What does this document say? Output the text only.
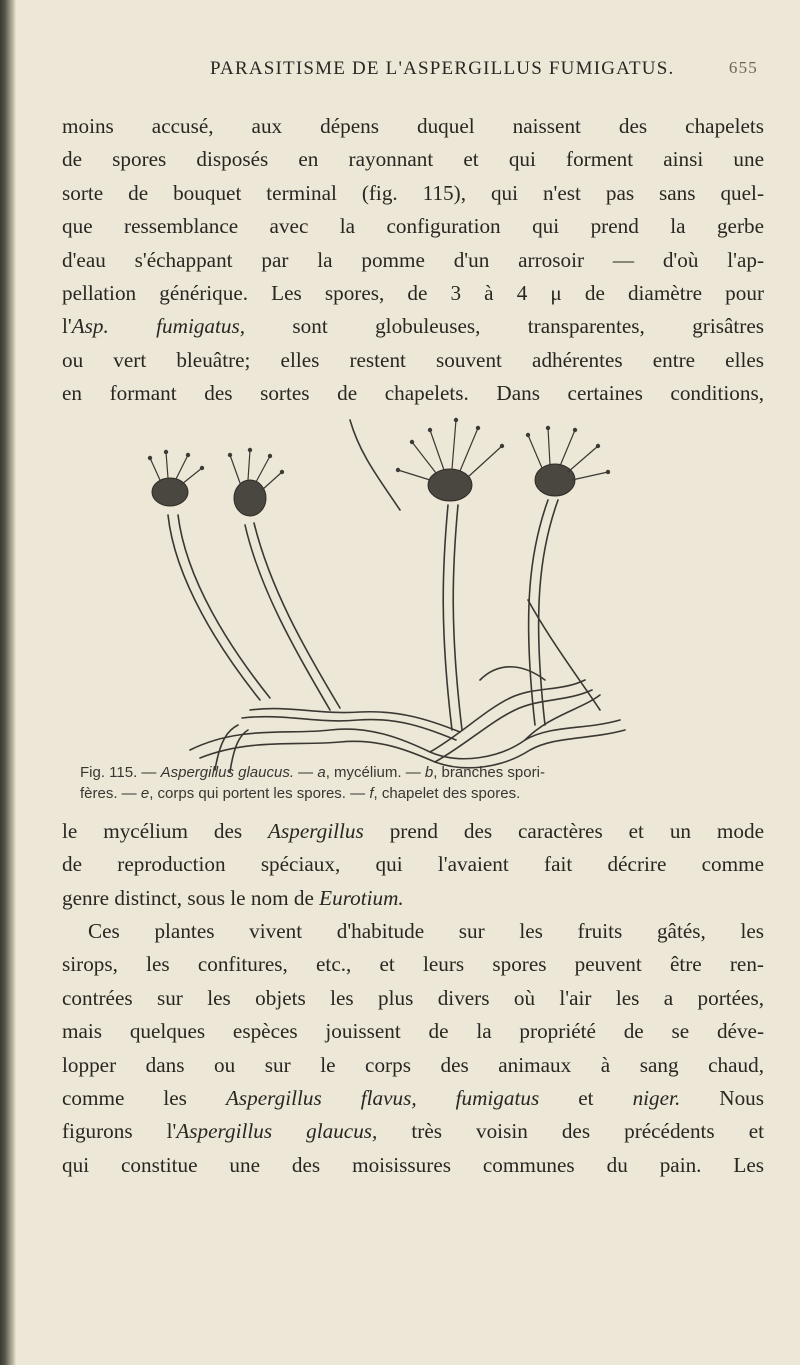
PARASITISME DE L'ASPERGILLUS FUMIGATUS.	655
moins accusé, aux dépens duquel naissent des chapelets
de spores disposés en rayonnant et qui forment ainsi une
sorte de bouquet terminal (fig. 115), qui n'est pas sans quel-
que ressemblance avec la configuration qui prend la gerbe
d'eau s'échappant par la pomme d'un arrosoir — d'où l'ap-
pellation générique. Les spores, de 3 à 4 μ de diamètre pour
l'Asp. fumigatus, sont globuleuses, transparentes, grisâtres
ou vert bleuâtre; elles restent souvent adhérentes entre elles
en formant des sortes de chapelets. Dans certaines conditions,
Fig. 115. — Aspergillus glaucus. — a, mycélium. — b, branches spori-
fères. — e, corps qui portent les spores. — f, chapelet des spores.
le mycélium des Aspergillus prend des caractères et un mode
de reproduction spéciaux, qui l'avaient fait décrire comme
genre distinct, sous le nom de Eurotium.
Ces plantes vivent d'habitude sur les fruits gâtés, les
sirops, les confitures, etc., et leurs spores peuvent être ren-
contrées sur les objets les plus divers où l'air les a portées,
mais quelques espèces jouissent de la propriété de se déve-
lopper dans ou sur le corps des animaux à sang chaud,
comme les Aspergillus flavus, fumigatus et niger. Nous
figurons l'Aspergillus glaucus, très voisin des précédents et
qui constitue une des moisissures communes du pain. Les
